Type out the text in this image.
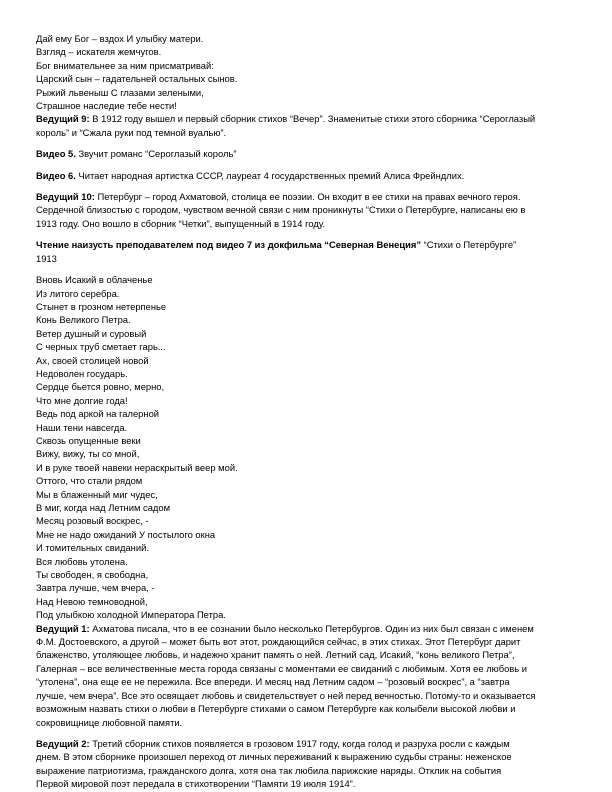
Дай ему Бог – вздох И улыбку матери.
Взгляд – искателя жемчугов.
Бог внимательнее за ним присматривай:
Царский сын – гадательней остальных сынов.
Рыжий львеныш С глазами зелеными,
Страшное наследие тебе нести!
Ведущий 9: В 1912 году вышел и первый сборник стихов “Вечер”. Знаменитые стихи этого сборника “Сероглазый
король” и “Сжала руки под темной вуалью”.
Видео 5. Звучит романс “Сероглазый король”
Видео 6. Читает народная артистка СССР, лауреат 4 государственных премий Алиса Фрейндлих.
Ведущий 10: Петербург – город Ахматовой, столица ее поэзии. Он входит в ее стихи на правах вечного героя.
Сердечной близостью с городом, чувством вечной связи с ним проникнуты “Стихи о Петербурге, написаны ею в
1913 году. Оно вошло в сборник “Четки”, выпущенный в 1914 году.
Чтение наизусть преподавателем под видео 7 из докфильма “Северная Венеция” “Стихи о Петербурге”
1913
Вновь Исакий в облаченье
Из литого серебра.
Стынет в грозном нетерпенье
Конь Великого Петра.
Ветер душный и суровый
С черных труб сметает гарь...
Ах, своей столицей новой
Недоволен государь.
Сердце бьется ровно, мерно,
Что мне долгие года!
Ведь под аркой на галерной
Наши тени навсегда.
Сквозь опущенные веки
Вижу, вижу, ты со мной,
И в руке твоей навеки нераскрытый веер мой.
Оттого, что стали рядом
Мы в блаженный миг чудес,
В миг, когда над Летним садом
Месяц розовый воскрес, -
Мне не надо ожиданий У постылого окна
И томительных свиданий.
Вся любовь утолена.
Ты свободен, я свободна,
Завтра лучше, чем вчера, -
Над Невою темноводной,
Под улыбкою холодной Императора Петра.
Ведущий 1: Ахматова писала, что в ее сознании было несколько Петербургов. Один из них был связан с именем
Ф.М. Достоевского, а другой – может быть вот этот, рождающийся сейчас, в этих стихах. Этот Петербург дарит
блаженство, утоляющее любовь, и надежно хранит память о ней. Летний сад, Исакий, “конь великого Петра”,
Галерная – все величественные места города связаны с моментами ее свиданий с любимым. Хотя ее любовь и
“утолена”, она еще ее не пережила. Все впереди. И месяц над Летним садом – “розовый воскрес”, а “завтра
лучше, чем вчера”. Все это освящает любовь и свидетельствует о ней перед вечностью. Потому-то и оказывается
возможным назвать стихи о любви в Петербурге стихами о самом Петербурге как колыбели высокой любви и
сокровищнице любовной памяти.
Ведущий 2: Третий сборник стихов появляется в грозовом 1917 году, когда голод и разруха росли с каждым
днем. В этом сборнике произошел переход от личных переживаний к выражению судьбы страны: неженское
выражение патриотизма, гражданского долга, хотя она так любила парижские наряды. Отклик на события
Первой мировой поэт передала в стихотворении “Памяти 19 июля 1914”.
